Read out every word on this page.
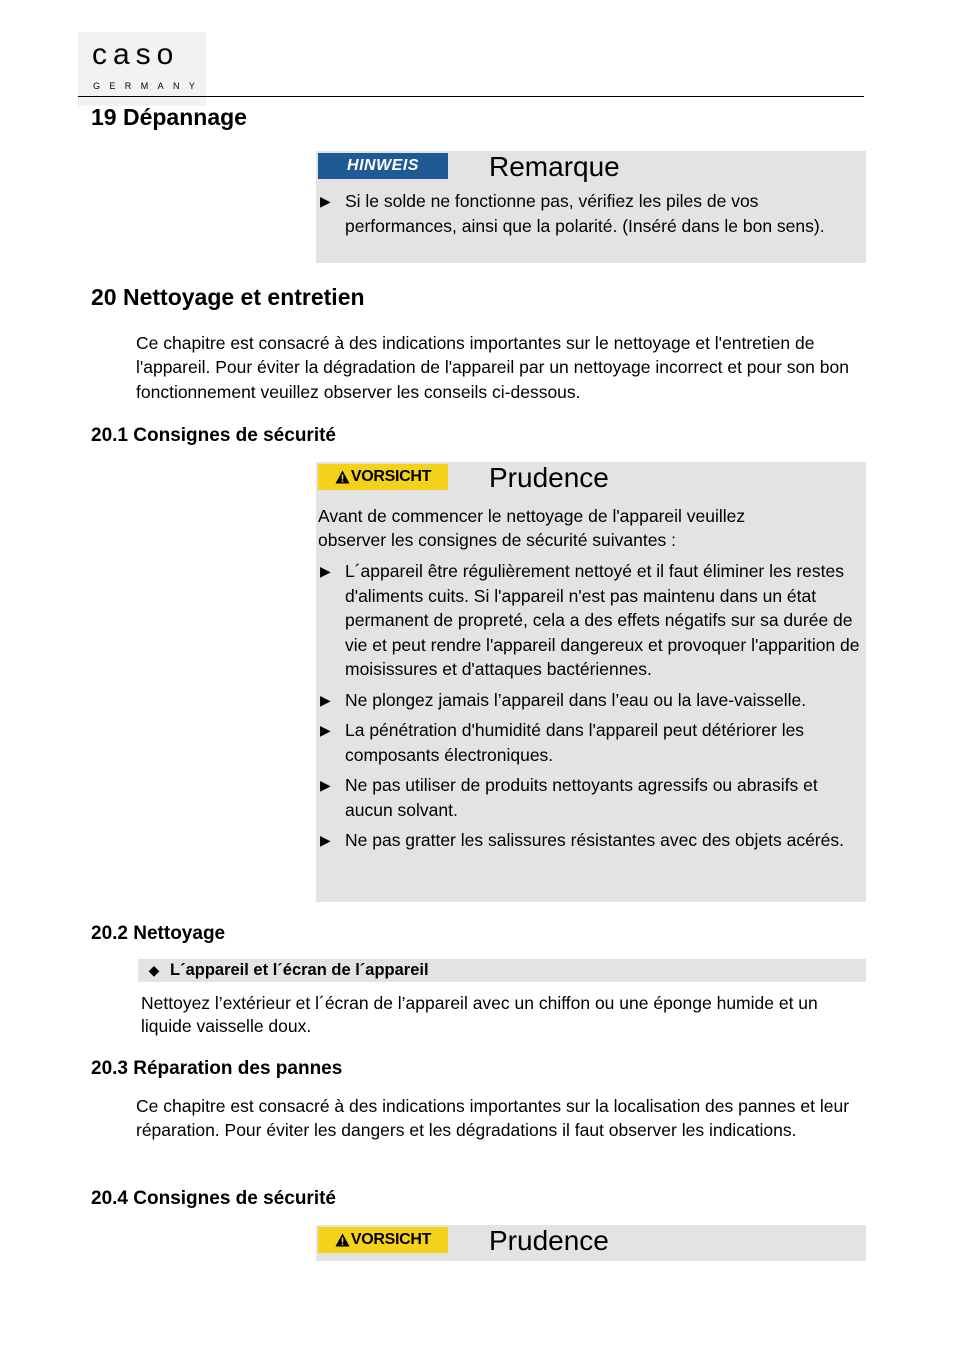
caso
GERMANY
19 Dépannage
HINWEIS	Remarque
▶ Si le solde ne fonctionne pas, vérifiez les piles de vos performances, ainsi que la polarité. (Inséré dans le bon sens).
20 Nettoyage et entretien
Ce chapitre est consacré à des indications importantes sur le nettoyage et l'entretien de l'appareil. Pour éviter la dégradation de l'appareil par un nettoyage incorrect et pour son bon fonctionnement veuillez observer les conseils ci-dessous.
20.1 Consignes de sécurité
VORSICHT Prudence
Avant de commencer le nettoyage de l'appareil veuillez observer les consignes de sécurité suivantes :
▶ L´appareil être régulièrement nettoyé et il faut éliminer les restes d'aliments cuits. Si l'appareil n'est pas maintenu dans un état permanent de propreté, cela a des effets négatifs sur sa durée de vie et peut rendre l'appareil dangereux et provoquer l'apparition de moisissures et d'attaques bactériennes.
▶ Ne plongez jamais l’appareil dans l’eau ou la lave-vaisselle.
▶ La pénétration d'humidité dans l'appareil peut détériorer les composants électroniques.
▶ Ne pas utiliser de produits nettoyants agressifs ou abrasifs et aucun solvant.
▶ Ne pas gratter les salissures résistantes avec des objets acérés.
20.2 Nettoyage
◆ L´appareil et l´écran de l´appareil
Nettoyez l’extérieur et l´écran de l’appareil avec un chiffon ou une éponge humide et un liquide vaisselle doux.
20.3 Réparation des pannes
Ce chapitre est consacré à des indications importantes sur la localisation des pannes et leur réparation. Pour éviter les dangers et les dégradations il faut observer les indications.
20.4 Consignes de sécurité
VORSICHT Prudence
